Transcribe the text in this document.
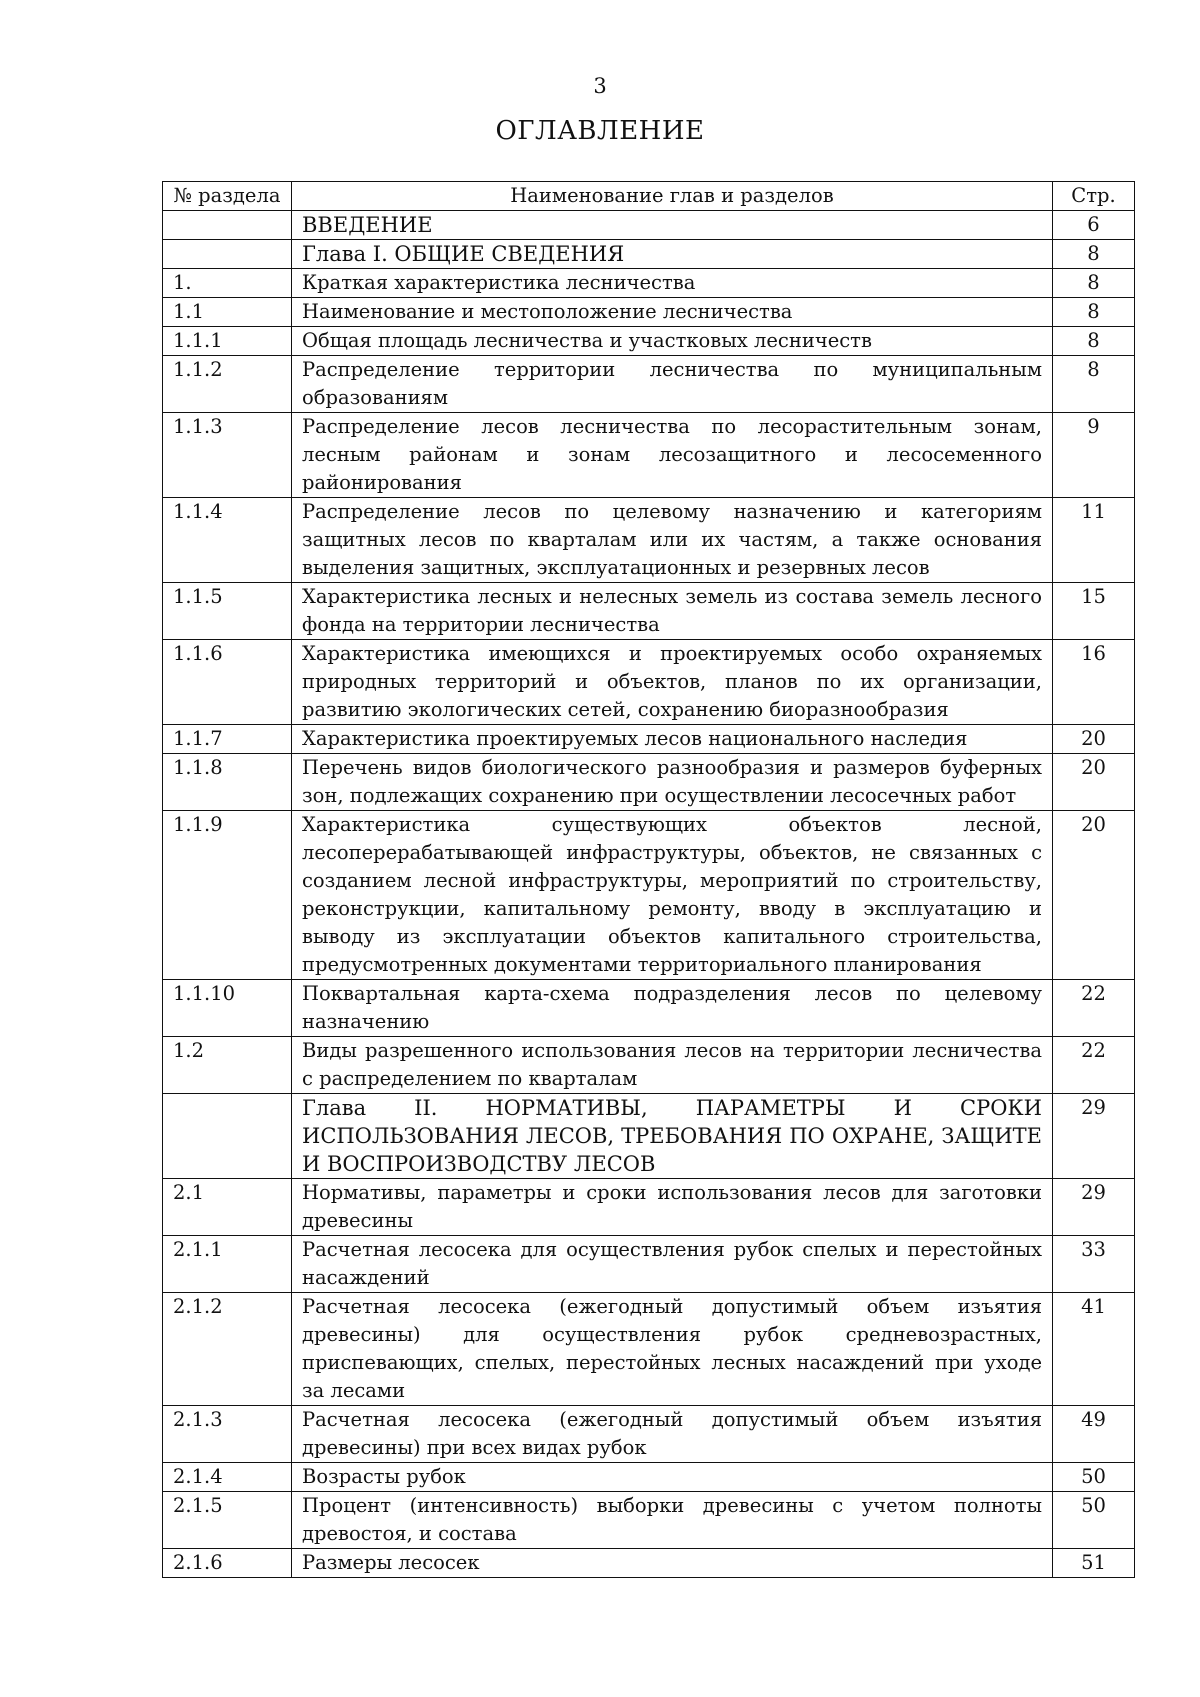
3
ОГЛАВЛЕНИЕ
№ раздела	Наименование глав и разделов	Стр.
	ВВЕДЕНИЕ	6
	Глава I. ОБЩИЕ СВЕДЕНИЯ	8
1.	Краткая характеристика лесничества	8
1.1	Наименование и местоположение лесничества	8
1.1.1	Общая площадь лесничества и участковых лесничеств	8
1.1.2	Распределение территории лесничества по муниципальным образованиям	8
1.1.3	Распределение лесов лесничества по лесорастительным зонам, лесным районам и зонам лесозащитного и лесосеменного районирования	9
1.1.4	Распределение лесов по целевому назначению и категориям защитных лесов по кварталам или их частям, а также основания выделения защитных, эксплуатационных и резервных лесов	11
1.1.5	Характеристика лесных и нелесных земель из состава земель лесного фонда на территории лесничества	15
1.1.6	Характеристика имеющихся и проектируемых особо охраняемых природных территорий и объектов, планов по их организации, развитию экологических сетей, сохранению биоразнообразия	16
1.1.7	Характеристика проектируемых лесов национального наследия	20
1.1.8	Перечень видов биологического разнообразия и размеров буферных зон, подлежащих сохранению при осуществлении лесосечных работ	20
1.1.9	Характеристика существующих объектов лесной, лесоперерабатывающей инфраструктуры, объектов, не связанных с созданием лесной инфраструктуры, мероприятий по строительству, реконструкции, капитальному ремонту, вводу в эксплуатацию и выводу из эксплуатации объектов капитального строительства, предусмотренных документами территориального планирования	20
1.1.10	Поквартальная карта-схема подразделения лесов по целевому назначению	22
1.2	Виды разрешенного использования лесов на территории лесничества с распределением по кварталам	22
	Глава II. НОРМАТИВЫ, ПАРАМЕТРЫ И СРОКИ ИСПОЛЬЗОВАНИЯ ЛЕСОВ, ТРЕБОВАНИЯ ПО ОХРАНЕ, ЗАЩИТЕ И ВОСПРОИЗВОДСТВУ ЛЕСОВ	29
2.1	Нормативы, параметры и сроки использования лесов для заготовки древесины	29
2.1.1	Расчетная лесосека для осуществления рубок спелых и перестойных насаждений	33
2.1.2	Расчетная лесосека (ежегодный допустимый объем изъятия древесины) для осуществления рубок средневозрастных, приспевающих, спелых, перестойных лесных насаждений при уходе за лесами	41
2.1.3	Расчетная лесосека (ежегодный допустимый объем изъятия древесины) при всех видах рубок	49
2.1.4	Возрасты рубок	50
2.1.5	Процент (интенсивность) выборки древесины с учетом полноты древостоя, и состава	50
2.1.6	Размеры лесосек	51
